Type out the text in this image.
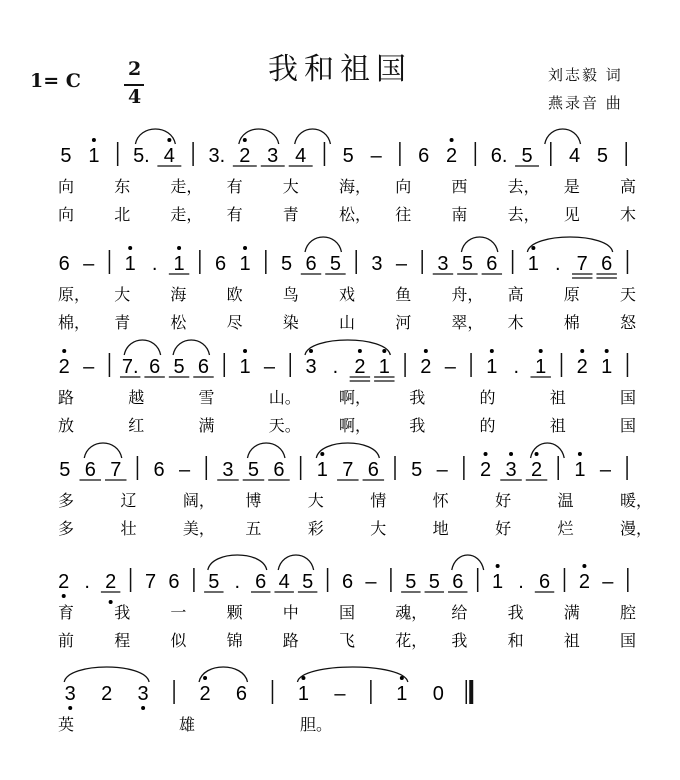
我和祖国	刘志毅 词
燕录音 曲
1= C
2
4
5 1 5. 4 3. 2 3 4 5 – 6 2 6. 5 4 5
向	东	走， 有	大	海， 向	西	去， 是	高
向	北	走， 有	青	松， 往	南	去， 见	木
6 – 1 . 1 6 1 5 6 5 3 – 3 5 6 1 . 7 6
原， 大	海	欧	鸟	戏	鱼	舟， 高	原	天
棉， 青	松	尽	染	山	河	翠， 木	棉	怒
2 – 7. 6 5 6 1 – 3 . 2 1 2 – 1 . 1 2 1
路	越	雪	山。 啊， 我	的	祖	国
放	红	满	天。 啊， 我	的	祖	国
5 6 7 6 – 3 5 6 1 7 6 5 – 2 3 2 1 –
多	辽	阔， 博	大	情	怀	好	温	暖，
多	壮	美， 五	彩	大	地	好	烂	漫，
2 . 2 7 6 5 . 6 4 5 6 – 5 5 6 1 . 6 2 –
育	我	一	颗	中	国	魂， 给	我	满	腔
前	程	似	锦	路	飞	花， 我	和	祖	国
3 2 3	2 6	1 –	1 0
英	雄	胆。
